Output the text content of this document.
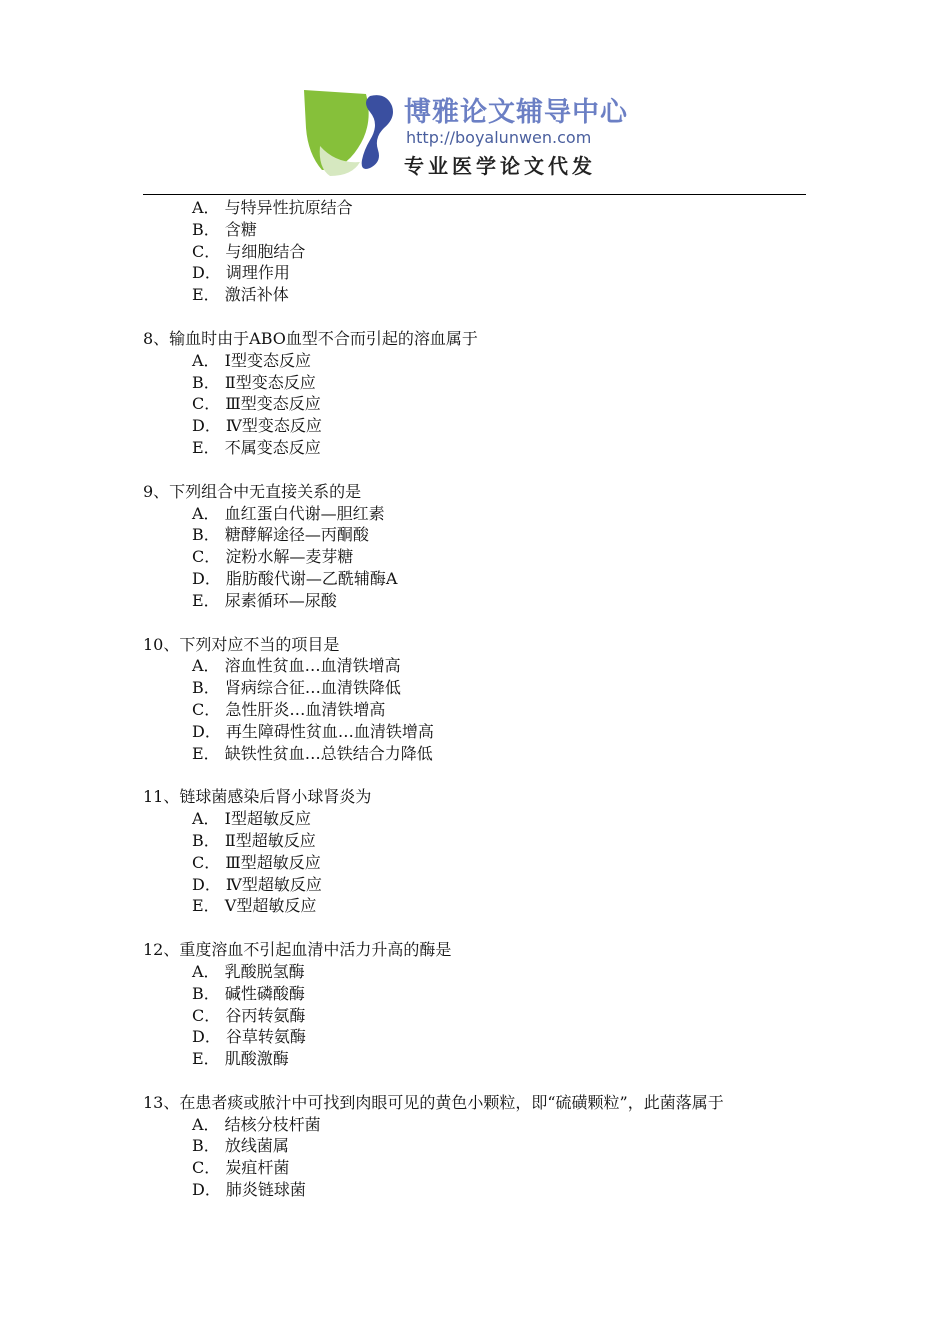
博雅论文辅导中心
http://boyalunwen.com
专业医学论文代发
A． 与特异性抗原结合
B． 含糖
C． 与细胞结合
D． 调理作用
E． 激活补体
8、输血时由于ABO血型不合而引起的溶血属于
A． Ⅰ型变态反应
B． Ⅱ型变态反应
C． Ⅲ型变态反应
D． Ⅳ型变态反应
E． 不属变态反应
9、下列组合中无直接关系的是
A． 血红蛋白代谢—胆红素
B． 糖酵解途径—丙酮酸
C． 淀粉水解—麦芽糖
D． 脂肪酸代谢—乙酰辅酶A
E． 尿素循环—尿酸
10、下列对应不当的项目是
A． 溶血性贫血…血清铁增高
B． 肾病综合征…血清铁降低
C． 急性肝炎…血清铁增高
D． 再生障碍性贫血…血清铁增高
E． 缺铁性贫血…总铁结合力降低
11、链球菌感染后肾小球肾炎为
A． Ⅰ型超敏反应
B． Ⅱ型超敏反应
C． Ⅲ型超敏反应
D． Ⅳ型超敏反应
E． Ⅴ型超敏反应
12、重度溶血不引起血清中活力升高的酶是
A． 乳酸脱氢酶
B． 碱性磷酸酶
C． 谷丙转氨酶
D． 谷草转氨酶
E． 肌酸激酶
13、在患者痰或脓汁中可找到肉眼可见的黄色小颗粒，即“硫磺颗粒”，此菌落属于
A． 结核分枝杆菌
B． 放线菌属
C． 炭疽杆菌
D． 肺炎链球菌
